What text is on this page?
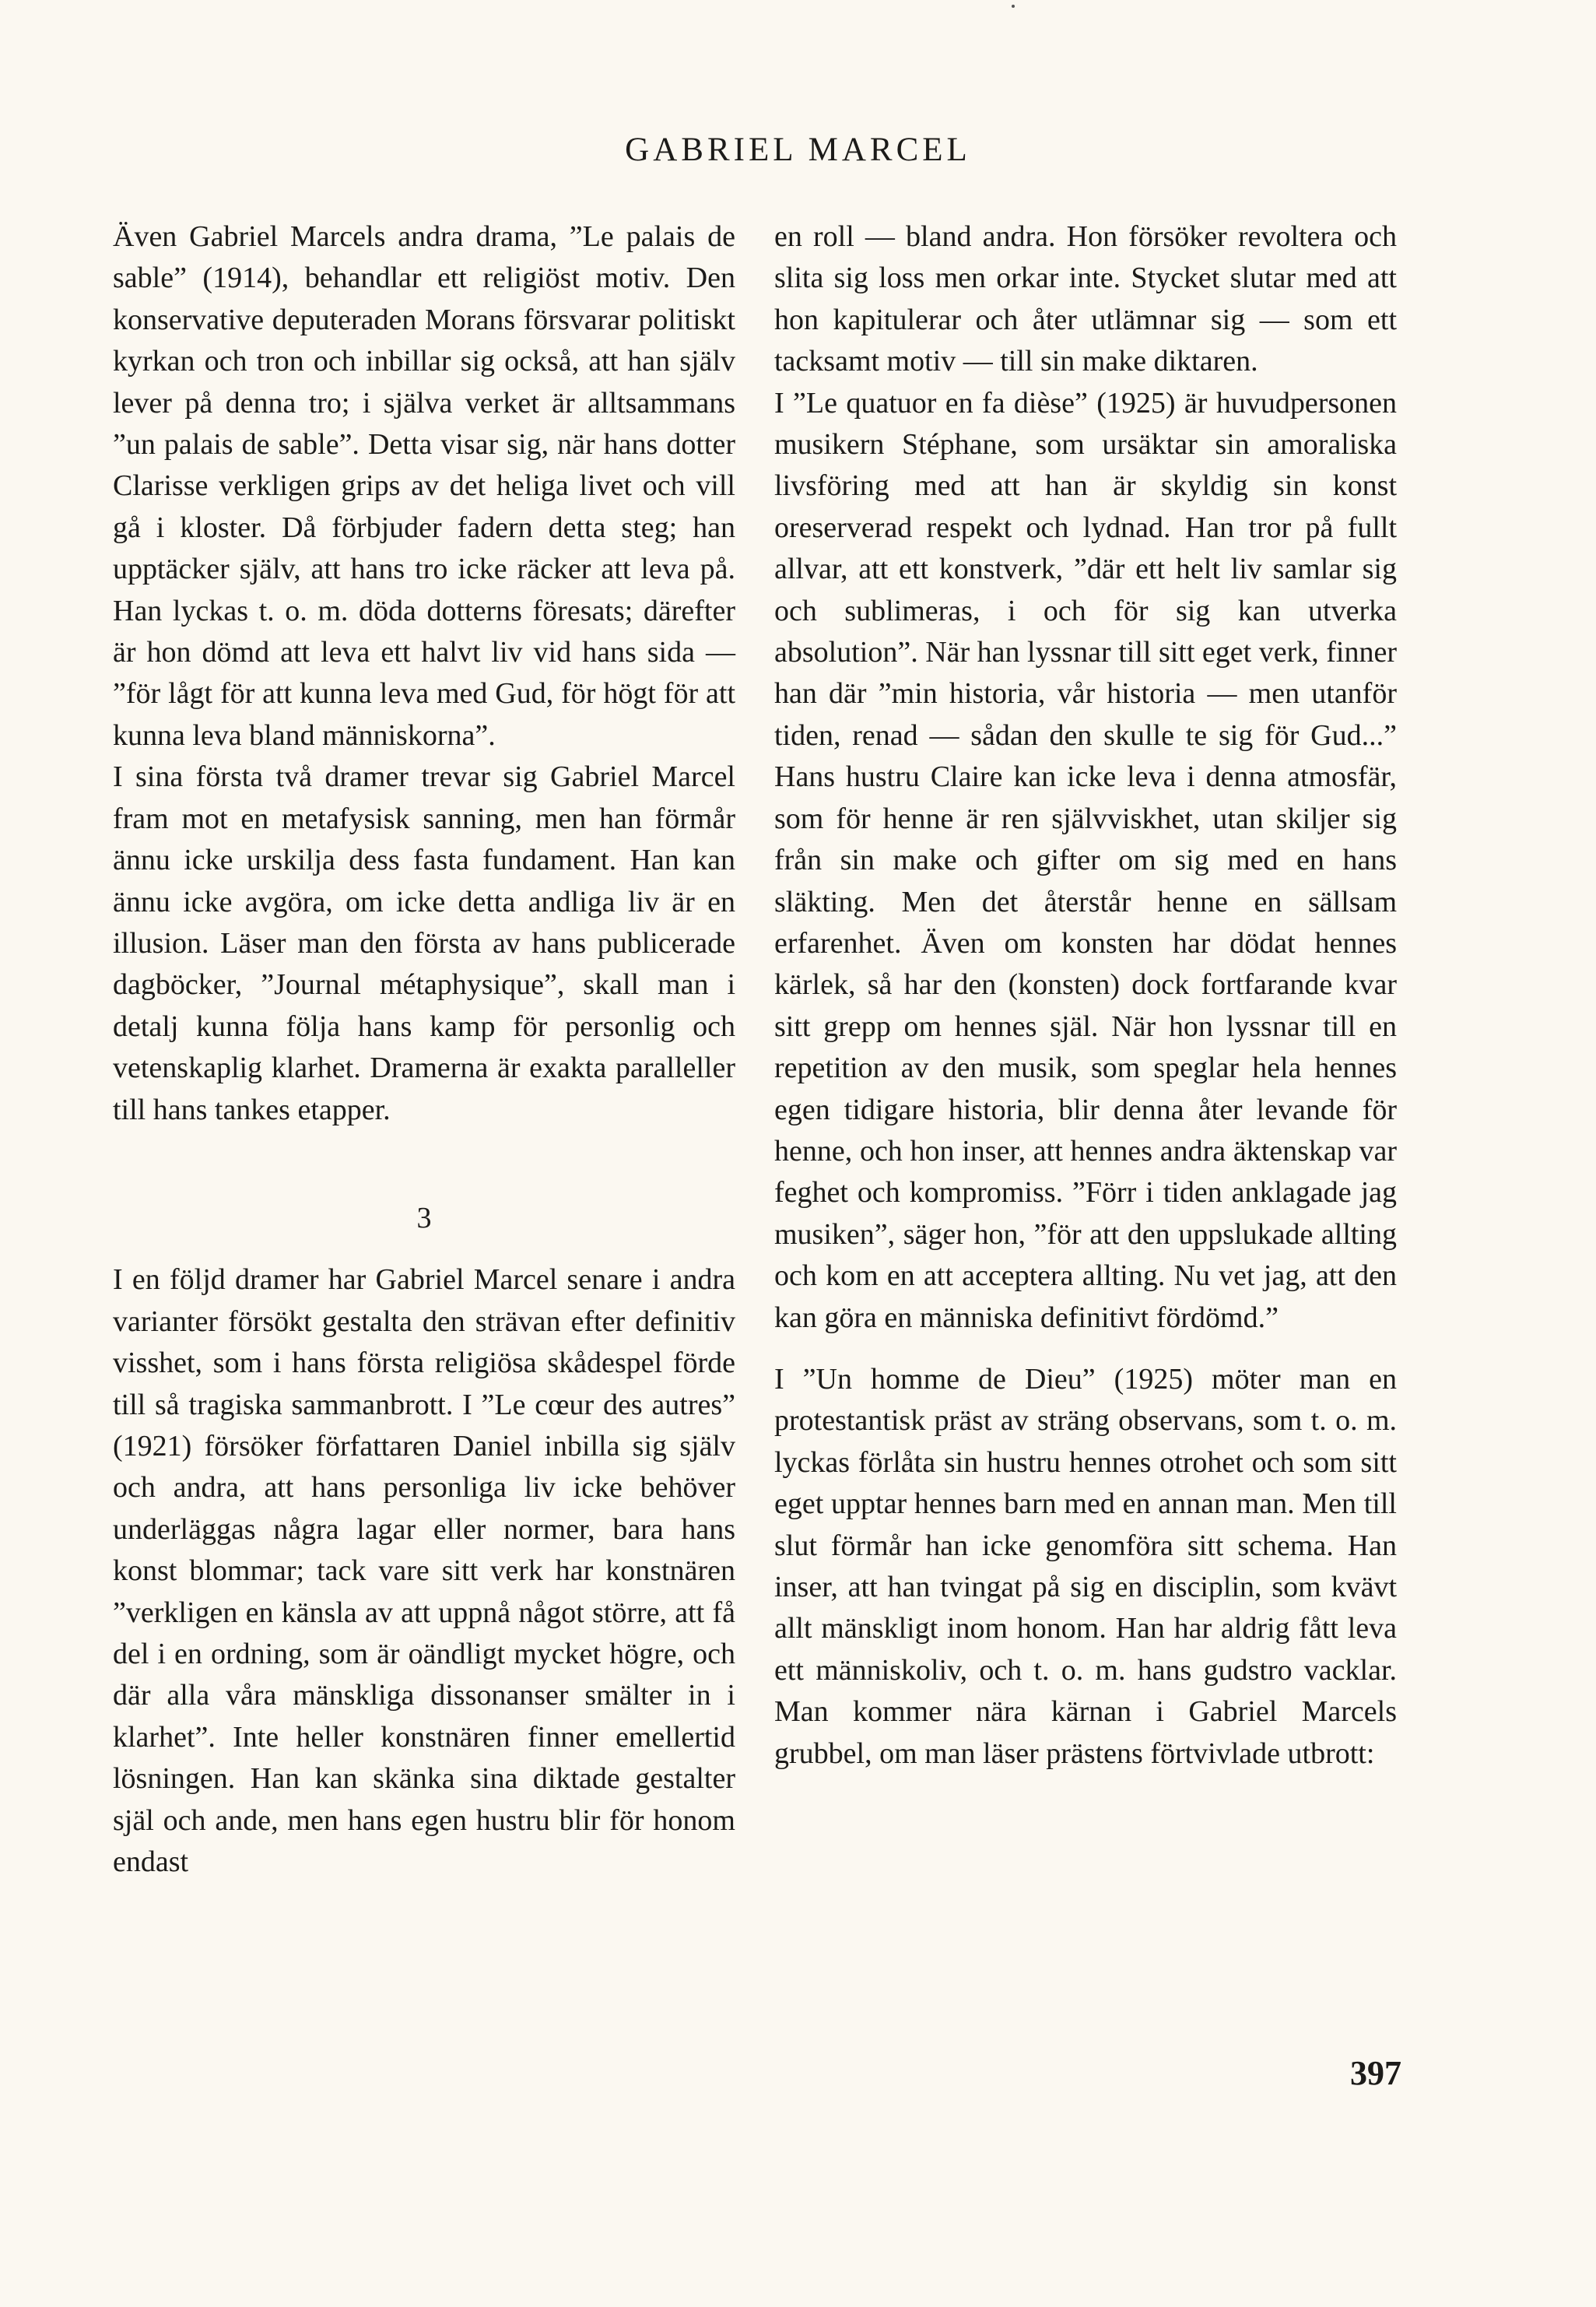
GABRIEL MARCEL

Även Gabriel Marcels andra drama, ”Le palais de sable” (1914), behandlar ett religiöst motiv. Den konservative deputeraden Morans försvarar politiskt kyrkan och tron och inbillar sig också, att han själv lever på denna tro; i själva verket är alltsammans ”un palais de sable”. Detta visar sig, när hans dotter Clarisse verkligen grips av det heliga livet och vill gå i kloster. Då förbjuder fadern detta steg; han upptäcker själv, att hans tro icke räcker att leva på. Han lyckas t. o. m. döda dotterns föresats; därefter är hon dömd att leva ett halvt liv vid hans sida — ”för lågt för att kunna leva med Gud, för högt för att kunna leva bland människorna”.

I sina första två dramer trevar sig Gabriel Marcel fram mot en metafysisk sanning, men han förmår ännu icke urskilja dess fasta fundament. Han kan ännu icke avgöra, om icke detta andliga liv är en illusion. Läser man den första av hans publicerade dagböcker, ”Journal métaphysique”, skall man i detalj kunna följa hans kamp för personlig och vetenskaplig klarhet. Dramerna är exakta paralleller till hans tankes etapper.

3

I en följd dramer har Gabriel Marcel senare i andra varianter försökt gestalta den strävan efter definitiv visshet, som i hans första religiösa skådespel förde till så tragiska sammanbrott. I ”Le cœur des autres” (1921) försöker författaren Daniel inbilla sig själv och andra, att hans personliga liv icke behöver underläggas några lagar eller normer, bara hans konst blommar; tack vare sitt verk har konstnären ”verkligen en känsla av att uppnå något större, att få del i en ordning, som är oändligt mycket högre, och där alla våra mänskliga dissonanser smälter in i klarhet”. Inte heller konstnären finner emellertid lösningen. Han kan skänka sina diktade gestalter själ och ande, men hans egen hustru blir för honom endast

en roll — bland andra. Hon försöker revoltera och slita sig loss men orkar inte. Stycket slutar med att hon kapitulerar och åter utlämnar sig — som ett tacksamt motiv — till sin make diktaren.

I ”Le quatuor en fa dièse” (1925) är huvudpersonen musikern Stéphane, som ursäktar sin amoraliska livsföring med att han är skyldig sin konst oreserverad respekt och lydnad. Han tror på fullt allvar, att ett konstverk, ”där ett helt liv samlar sig och sublimeras, i och för sig kan utverka absolution”. När han lyssnar till sitt eget verk, finner han där ”min historia, vår historia — men utanför tiden, renad — sådan den skulle te sig för Gud...” Hans hustru Claire kan icke leva i denna atmosfär, som för henne är ren självviskhet, utan skiljer sig från sin make och gifter om sig med en hans släkting. Men det återstår henne en sällsam erfarenhet. Även om konsten har dödat hennes kärlek, så har den (konsten) dock fortfarande kvar sitt grepp om hennes själ. När hon lyssnar till en repetition av den musik, som speglar hela hennes egen tidigare historia, blir denna åter levande för henne, och hon inser, att hennes andra äktenskap var feghet och kompromiss. ”Förr i tiden anklagade jag musiken”, säger hon, ”för att den uppslukade allting och kom en att acceptera allting. Nu vet jag, att den kan göra en människa definitivt fördömd.”

I ”Un homme de Dieu” (1925) möter man en protestantisk präst av sträng observans, som t. o. m. lyckas förlåta sin hustru hennes otrohet och som sitt eget upptar hennes barn med en annan man. Men till slut förmår han icke genomföra sitt schema. Han inser, att han tvingat på sig en disciplin, som kvävt allt mänskligt inom honom. Han har aldrig fått leva ett människoliv, och t. o. m. hans gudstro vacklar. Man kommer nära kärnan i Gabriel Marcels grubbel, om man läser prästens förtvivlade utbrott:

397
